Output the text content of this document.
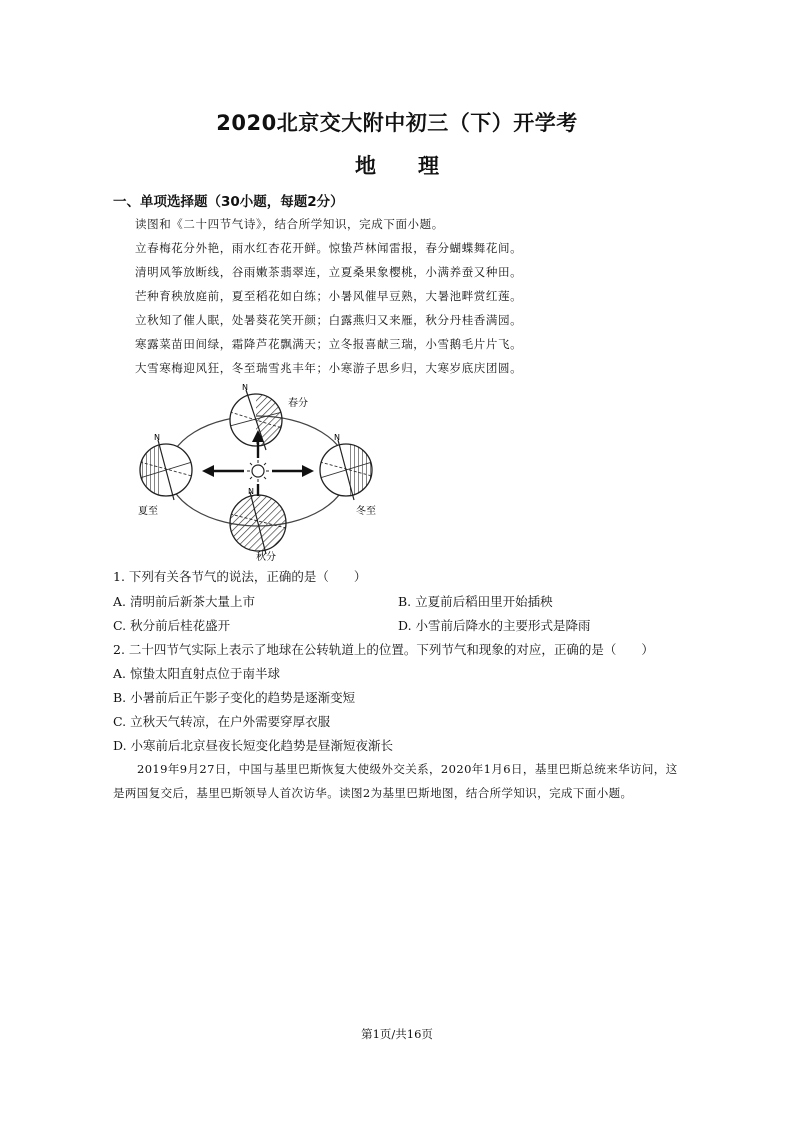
2020北京交大附中初三（下）开学考
地 理
一、单项选择题（30小题，每题2分）
读图和《二十四节气诗》，结合所学知识，完成下面小题。
立春梅花分外艳，雨水红杏花开鲜。惊蛰芦林闻雷报，春分蝴蝶舞花间。
清明风筝放断线，谷雨嫩茶翡翠连，立夏桑果象樱桃，小满养蚕又种田。
芒种育秧放庭前，夏至稻花如白练；小暑风催早豆熟，大暑池畔赏红莲。
立秋知了催人眠，处暑葵花笑开颜；白露燕归又来雁，秋分丹桂香满园。
寒露菜苗田间绿，霜降芦花飘满天；立冬报喜献三瑞，小雪鹅毛片片飞。
大雪寒梅迎风狂，冬至瑞雪兆丰年；小寒游子思乡归，大寒岁底庆团圆。
N
春分
N
夏至
N
冬至
N
秋分
1. 下列有关各节气的说法，正确的是（　　）
A. 清明前后新茶大量上市	B. 立夏前后稻田里开始插秧
C. 秋分前后桂花盛开	D. 小雪前后降水的主要形式是降雨
2. 二十四节气实际上表示了地球在公转轨道上的位置。下列节气和现象的对应，正确的是（　　）
A. 惊蛰太阳直射点位于南半球
B. 小暑前后正午影子变化的趋势是逐渐变短
C. 立秋天气转凉，在户外需要穿厚衣服
D. 小寒前后北京昼夜长短变化趋势是昼渐短夜渐长
2019年9月27日，中国与基里巴斯恢复大使级外交关系，2020年1月6日，基里巴斯总统来华访问，这是两国复交后，基里巴斯领导人首次访华。读图2为基里巴斯地图，结合所学知识，完成下面小题。
第1页/共16页
